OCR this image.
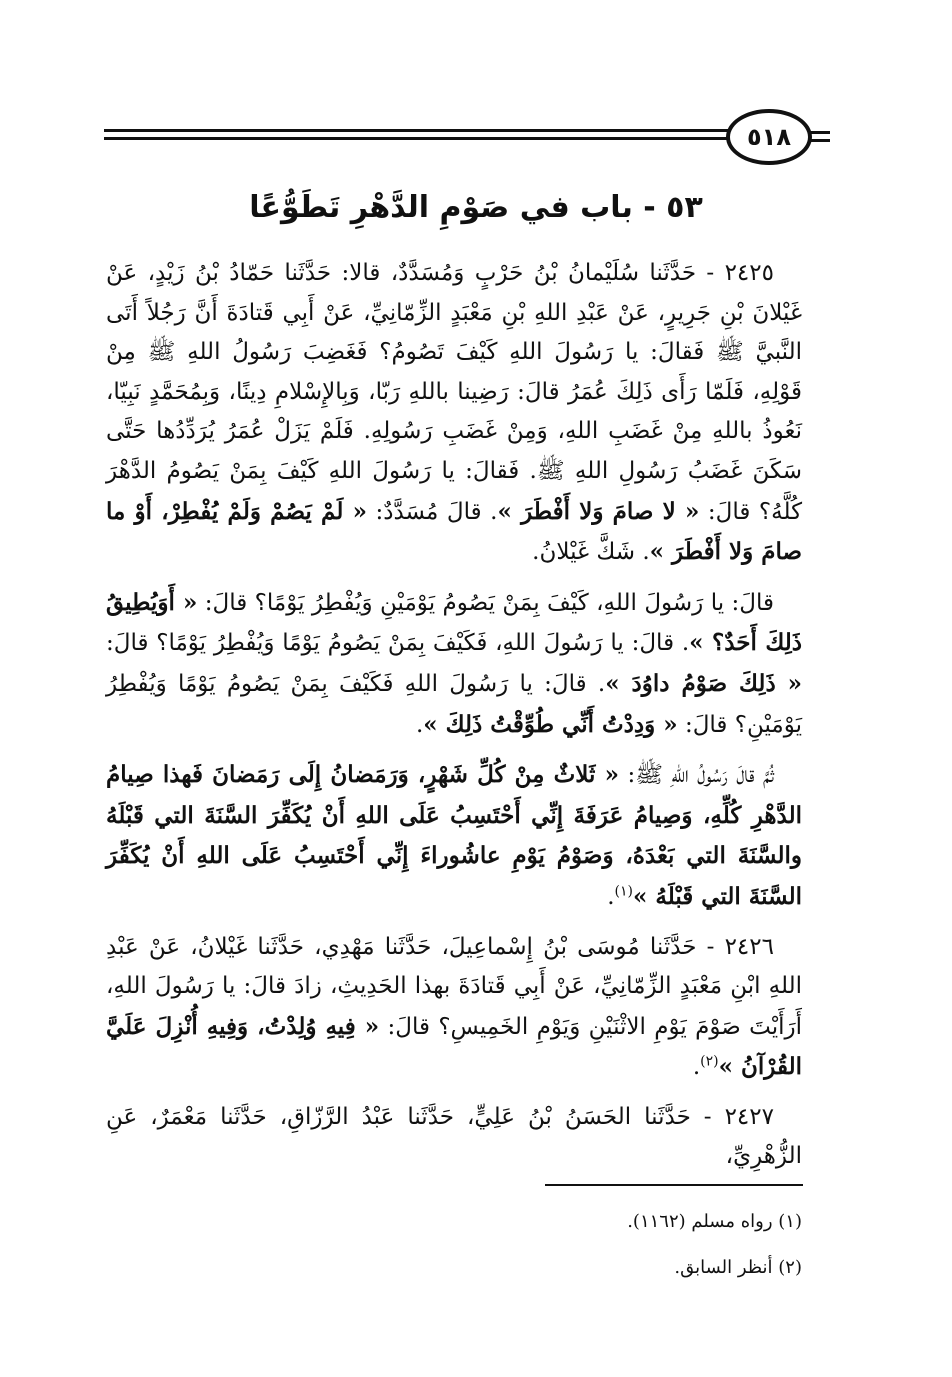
٥١٨
٥٣ - باب في صَوْمِ الدَّهْرِ تَطَوُّعًا

٢٤٢٥ - حَدَّثَنا سُلَيْمانُ بْنُ حَرْبٍ وَمُسَدَّدٌ، قالا: حَدَّثَنا حَمّادُ بْنُ زَيْدٍ، عَنْ غَيْلانَ بْنِ جَرِيرٍ، عَنْ عَبْدِ اللهِ بْنِ مَعْبَدٍ الزِّمّانِيِّ، عَنْ أَبِي قَتادَةَ أَنَّ رَجُلاً أَتَى النَّبيَّ ﷺ فَقالَ: يا رَسُولَ اللهِ كَيْفَ تَصُومُ؟ فَغَضِبَ رَسُولُ اللهِ ﷺ مِنْ قَوْلِهِ، فَلَمّا رَأَى ذَلِكَ عُمَرُ قالَ: رَضِينا باللهِ رَبّا، وَبِالإِسْلامِ دِينًا، وَبِمُحَمَّدٍ نَبِيّا، نَعُوذُ باللهِ مِنْ غَضَبِ اللهِ، وَمِنْ غَضَبِ رَسُولِهِ. فَلَمْ يَزَلْ عُمَرُ يُرَدِّدُها حَتَّى سَكَنَ غَضَبُ رَسُولِ اللهِ ﷺ. فَقالَ: يا رَسُولَ اللهِ كَيْفَ بِمَنْ يَصُومُ الدَّهْرَ كُلَّهُ؟ قالَ: « لا صامَ وَلا أَفْطَرَ ». قالَ مُسَدَّدٌ: « لَمْ يَصُمْ وَلَمْ يُفْطِرْ، أَوْ ما صامَ وَلا أَفْطَرَ ». شَكَّ غَيْلانُ.

قالَ: يا رَسُولَ اللهِ، كَيْفَ بِمَنْ يَصُومُ يَوْمَيْنِ وَيُفْطِرُ يَوْمًا؟ قالَ: « أَوَيُطِيقُ ذَلِكَ أَحَدٌ؟ ». قالَ: يا رَسُولَ اللهِ، فَكَيْفَ بِمَنْ يَصُومُ يَوْمًا وَيُفْطِرُ يَوْمًا؟ قالَ: « ذَلِكَ صَوْمُ داوُدَ ». قالَ: يا رَسُولَ اللهِ فَكَيْفَ بِمَنْ يَصُومُ يَوْمًا وَيُفْطِرُ يَوْمَيْنِ؟ قالَ: « وَدِدْتُ أَنِّي طُوِّقْتُ ذَلِكَ ».

ثُمَّ قالَ رَسُولُ اللهِ ﷺ: « ثَلاثٌ مِنْ كُلِّ شَهْرٍ، وَرَمَضانُ إِلَى رَمَضانَ فَهذا صِيامُ الدَّهْرِ كُلِّهِ، وَصِيامُ عَرَفَةَ إِنِّي أَحْتَسِبُ عَلَى اللهِ أَنْ يُكَفِّرَ السَّنَةَ التي قَبْلَهُ والسَّنَةَ التي بَعْدَهُ، وَصَوْمُ يَوْمِ عاشُوراءَ إِنِّي أَحْتَسِبُ عَلَى اللهِ أَنْ يُكَفِّرَ السَّنَةَ التي قَبْلَهُ »$^{(١)}$.

٢٤٢٦ - حَدَّثَنا مُوسَى بْنُ إِسْماعِيلَ، حَدَّثَنا مَهْدِي، حَدَّثَنا غَيْلانُ، عَنْ عَبْدِ اللهِ ابْنِ مَعْبَدٍ الزِّمّانِيِّ، عَنْ أَبِي قَتادَةَ بهذا الحَدِيثِ، زادَ قالَ: يا رَسُولَ اللهِ، أَرَأَيْتَ صَوْمَ يَوْمِ الاثْنَيْنِ وَيَوْمِ الخَمِيسِ؟ قالَ: « فِيهِ وُلِدْتُ، وَفِيهِ أُنْزِلَ عَلَيَّ القُرْآنُ »$^{(٢)}$.

٢٤٢٧ - حَدَّثَنا الحَسَنُ بْنُ عَلِيٍّ، حَدَّثَنا عَبْدُ الرَّزّاقِ، حَدَّثَنا مَعْمَرٌ، عَنِ الزُّهْرِيِّ،

(١) رواه مسلم (١١٦٢).
(٢) أنظر السابق.
